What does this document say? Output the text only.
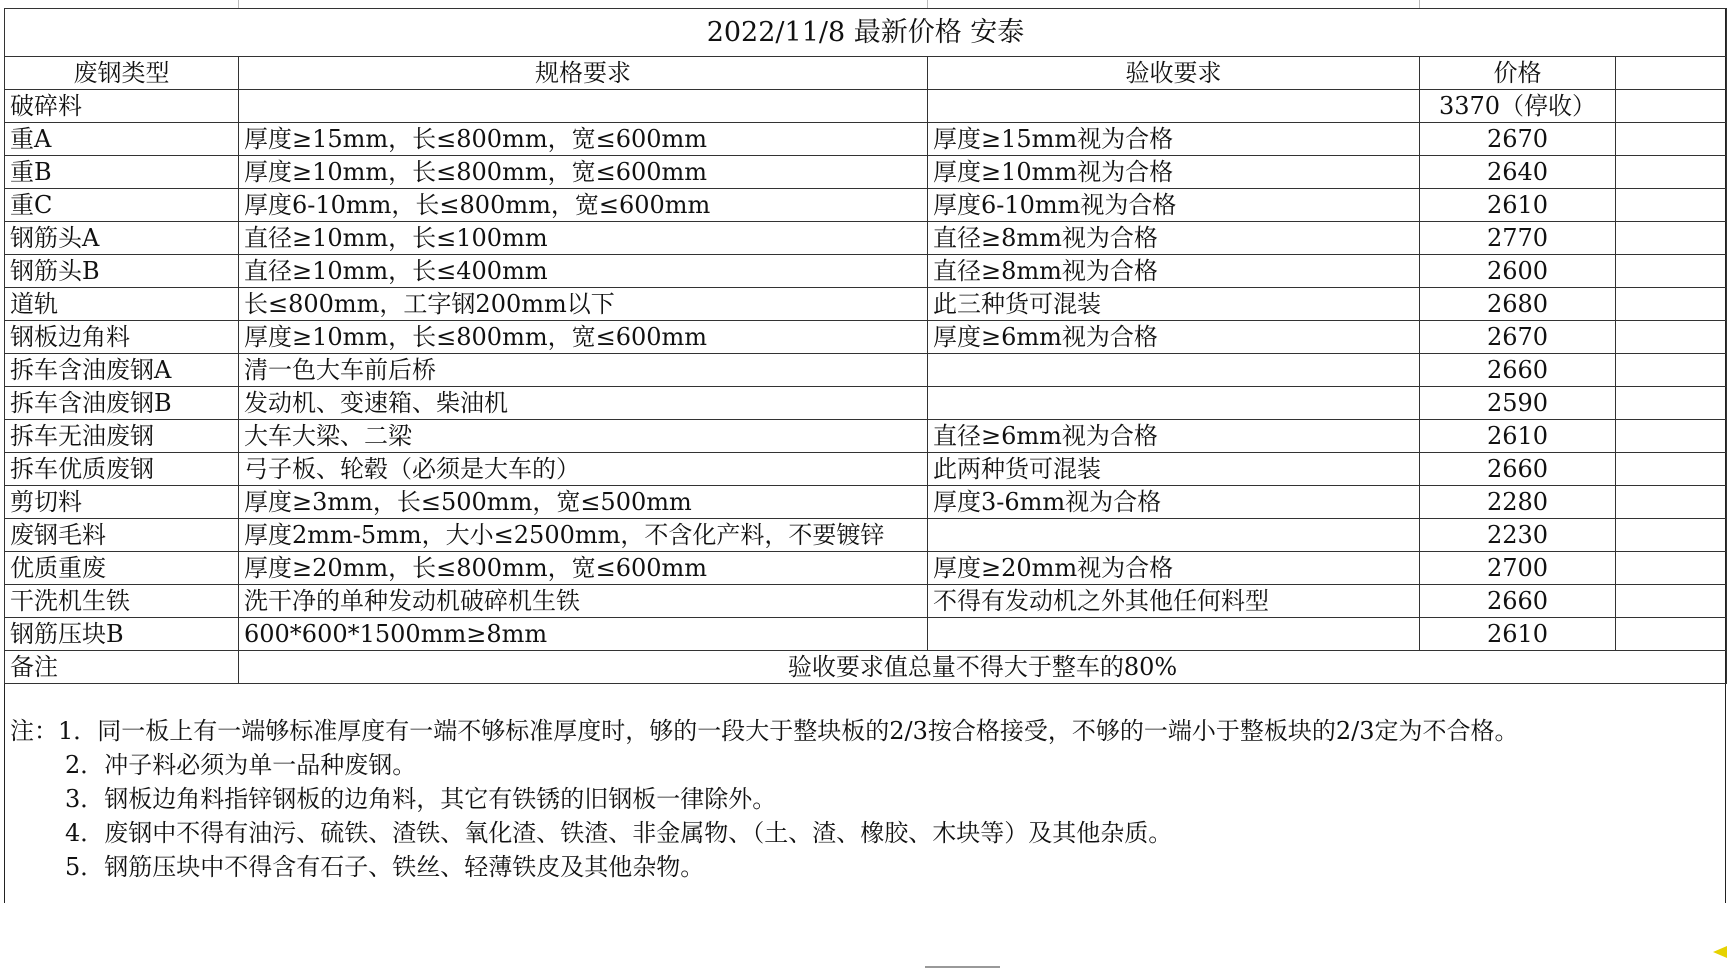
2022/11/8 最新价格 安泰				
废钢类型	规格要求	验收要求	价格	
破碎料			3370（停收）	
重A	厚度≥15mm，长≤800mm，宽≤600mm	厚度≥15mm视为合格	2670	
重B	厚度≥10mm，长≤800mm，宽≤600mm	厚度≥10mm视为合格	2640	
重C	厚度6-10mm，长≤800mm，宽≤600mm	厚度6-10mm视为合格	2610	
钢筋头A	直径≥10mm，长≤100mm	直径≥8mm视为合格	2770	
钢筋头B	直径≥10mm，长≤400mm	直径≥8mm视为合格	2600	
道轨	长≤800mm，工字钢200mm以下	此三种货可混装	2680	
钢板边角料	厚度≥10mm，长≤800mm，宽≤600mm	厚度≥6mm视为合格	2670	
拆车含油废钢A	清一色大车前后桥		2660	
拆车含油废钢B	发动机、变速箱、柴油机		2590	
拆车无油废钢	大车大梁、二梁	直径≥6mm视为合格	2610	
拆车优质废钢	弓子板、轮毂（必须是大车的）	此两种货可混装	2660	
剪切料	厚度≥3mm，长≤500mm，宽≤500mm	厚度3-6mm视为合格	2280	
废钢毛料	厚度2mm-5mm，大小≤2500mm，不含化产料，不要镀锌		2230	
优质重废	厚度≥20mm，长≤800mm，宽≤600mm	厚度≥20mm视为合格	2700	
干洗机生铁	洗干净的单种发动机破碎机生铁	不得有发动机之外其他任何料型	2660	
钢筋压块B	600*600*1500mm≥8mm		2610	
备注	验收要求值总量不得大于整车的80%			
注：1．同一板上有一端够标准厚度有一端不够标准厚度时，够的一段大于整块板的2/3按合格接受，不够的一端小于整板块的2/3定为不合格。
2．冲子料必须为单一品种废钢。
3．钢板边角料指锌钢板的边角料，其它有铁锈的旧钢板一律除外。
4．废钢中不得有油污、硫铁、渣铁、氧化渣、铁渣、非金属物、（土、渣、橡胶、木块等）及其他杂质。
5．钢筋压块中不得含有石子、铁丝、轻薄铁皮及其他杂物。
